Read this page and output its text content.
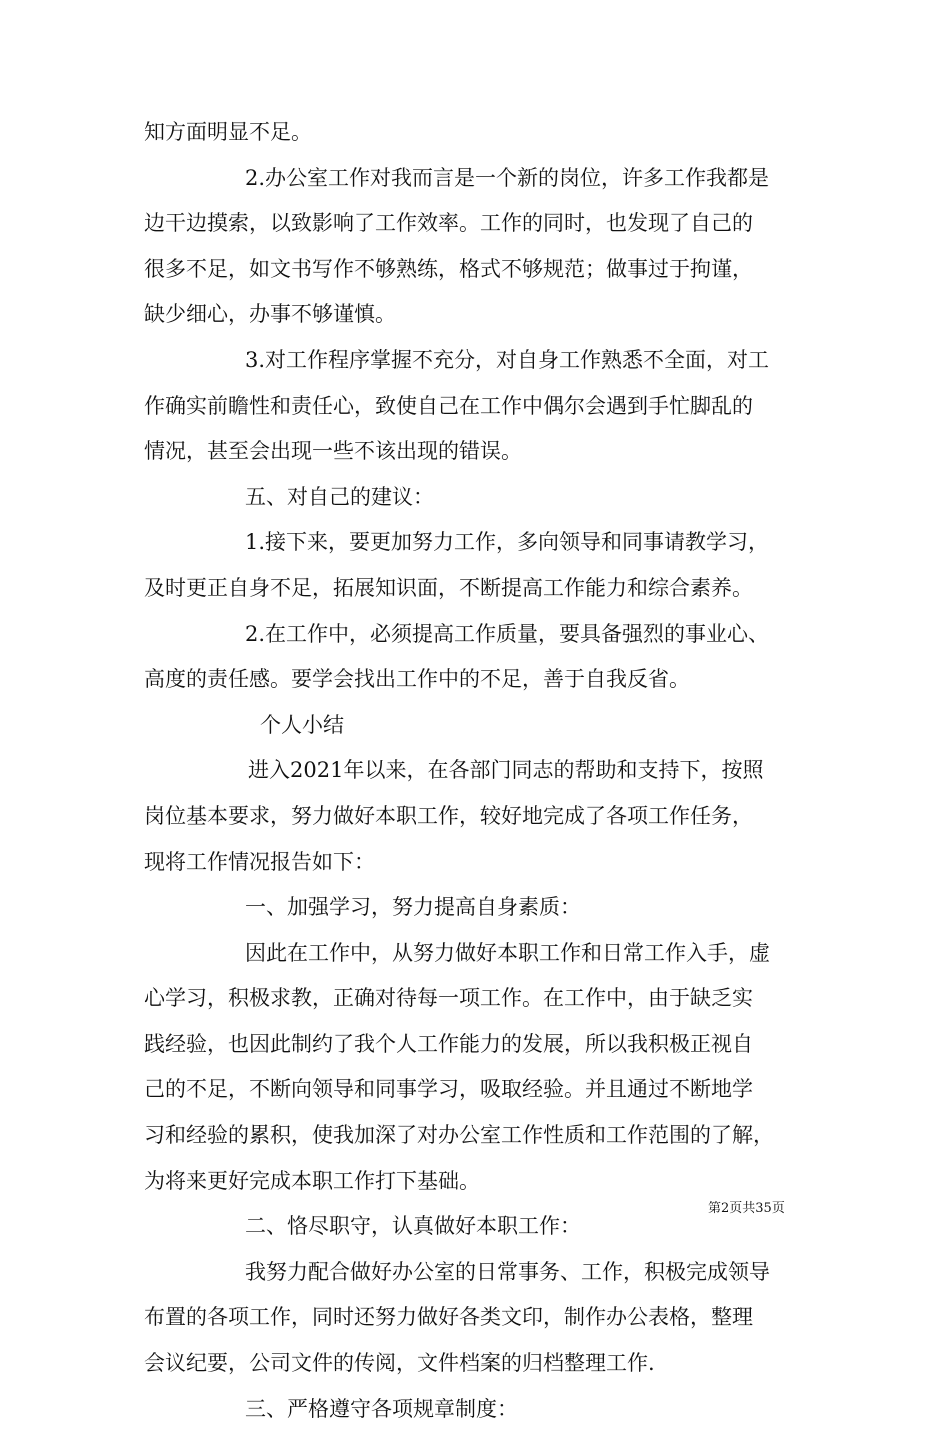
知方面明显不足。
2.办公室工作对我而言是一个新的岗位，许多工作我都是
边干边摸索，以致影响了工作效率。工作的同时，也发现了自己的
很多不足，如文书写作不够熟练，格式不够规范；做事过于拘谨，
缺少细心，办事不够谨慎。
3.对工作程序掌握不充分，对自身工作熟悉不全面，对工
作确实前瞻性和责任心，致使自己在工作中偶尔会遇到手忙脚乱的
情况，甚至会出现一些不该出现的错误。
五、对自己的建议：
1.接下来，要更加努力工作，多向领导和同事请教学习，
及时更正自身不足，拓展知识面，不断提高工作能力和综合素养。
2.在工作中，必须提高工作质量，要具备强烈的事业心、
高度的责任感。要学会找出工作中的不足，善于自我反省。
个人小结
进入2021年以来，在各部门同志的帮助和支持下，按照
岗位基本要求，努力做好本职工作，较好地完成了各项工作任务，
现将工作情况报告如下：
一、加强学习，努力提高自身素质：
因此在工作中，从努力做好本职工作和日常工作入手，虚
心学习，积极求教，正确对待每一项工作。在工作中，由于缺乏实
践经验，也因此制约了我个人工作能力的发展，所以我积极正视自
己的不足，不断向领导和同事学习，吸取经验。并且通过不断地学
习和经验的累积，使我加深了对办公室工作性质和工作范围的了解，
为将来更好完成本职工作打下基础。
二、恪尽职守，认真做好本职工作：
我努力配合做好办公室的日常事务、工作，积极完成领导
布置的各项工作，同时还努力做好各类文印，制作办公表格，整理
会议纪要，公司文件的传阅，文件档案的归档整理工作.
三、严格遵守各项规章制度：
第2页共35页
